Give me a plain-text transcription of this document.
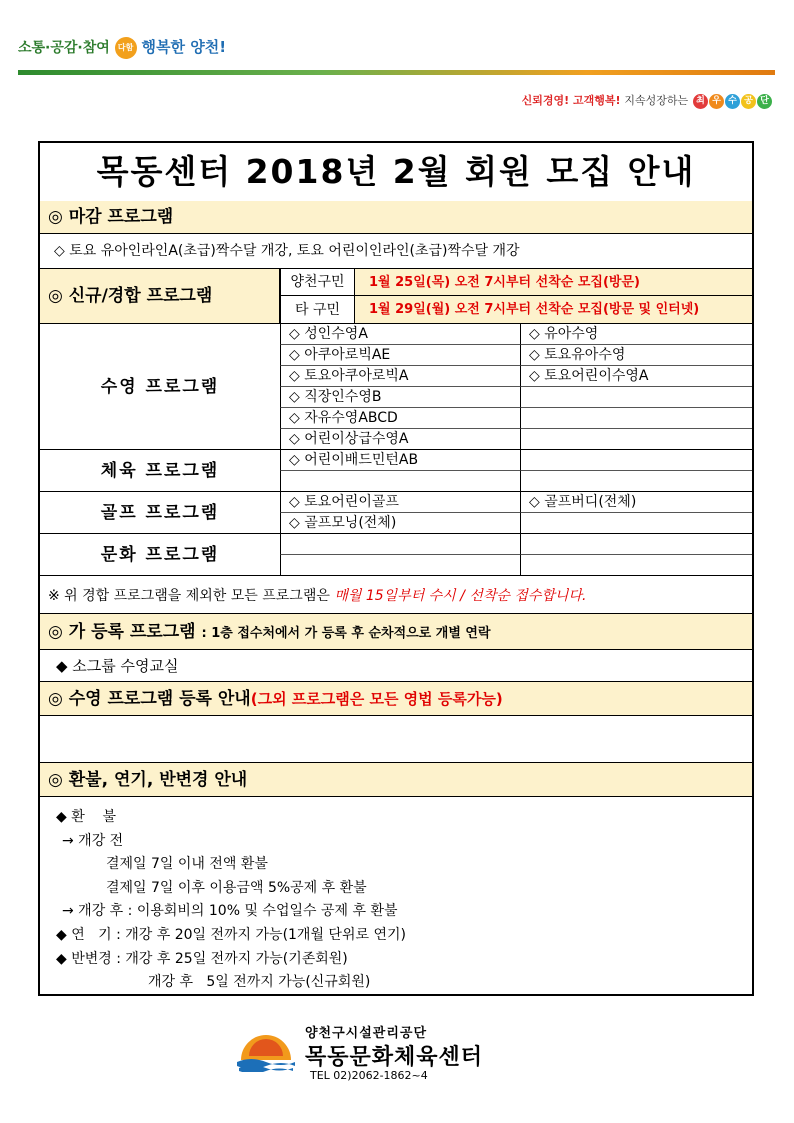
소통·공감·참여 다함 행복한 양천!
신뢰경영! 고객행복! 지속성장하는 최 우 수 공 단
목동센터 2018년 2월 회원 모집 안내
◎ 마감 프로그램
◇ 토요 유아인라인A(초급)짝수달 개강, 토요 어린이인라인(초급)짝수달 개강
◎ 신규/경합 프로그램
양천구민	1월 25일(목) 오전 7시부터 선착순 모집(방문)
타 구민	1월 29일(월) 오전 7시부터 선착순 모집(방문 및 인터넷)
수영 프로그램
◇ 성인수영A	◇ 유아수영
◇ 아쿠아로빅AE	◇ 토요유아수영
◇ 토요아쿠아로빅A	◇ 토요어린이수영A
◇ 직장인수영B
◇ 자유수영ABCD
◇ 어린이상급수영A
체육 프로그램
◇ 어린이배드민턴AB
골프 프로그램
◇ 토요어린이골프	◇ 골프버디(전체)
◇ 골프모닝(전체)
문화 프로그램
※ 위 경합 프로그램을 제외한 모든 프로그램은 매월 15일부터 수시 / 선착순 접수합니다.
◎ 가 등록 프로그램 : 1층 접수처에서 가 등록 후 순차적으로 개별 연락
◆ 소그룹 수영교실
◎ 수영 프로그램 등록 안내(그외 프로그램은 모든 영법 등록가능)
◎ 환불, 연기, 반변경 안내
◆ 환    불
→ 개강 전
결제일 7일 이내 전액 환불
결제일 7일 이후 이용금액 5%공제 후 환불
→ 개강 후 : 이용회비의 10% 및 수업일수 공제 후 환불
◆ 연   기 : 개강 후 20일 전까지 가능(1개월 단위로 연기)
◆ 반변경 : 개강 후 25일 전까지 가능(기존회원)
개강 후   5일 전까지 가능(신규회원)
양천구시설관리공단
목동문화체육센터
TEL 02)2062-1862~4
